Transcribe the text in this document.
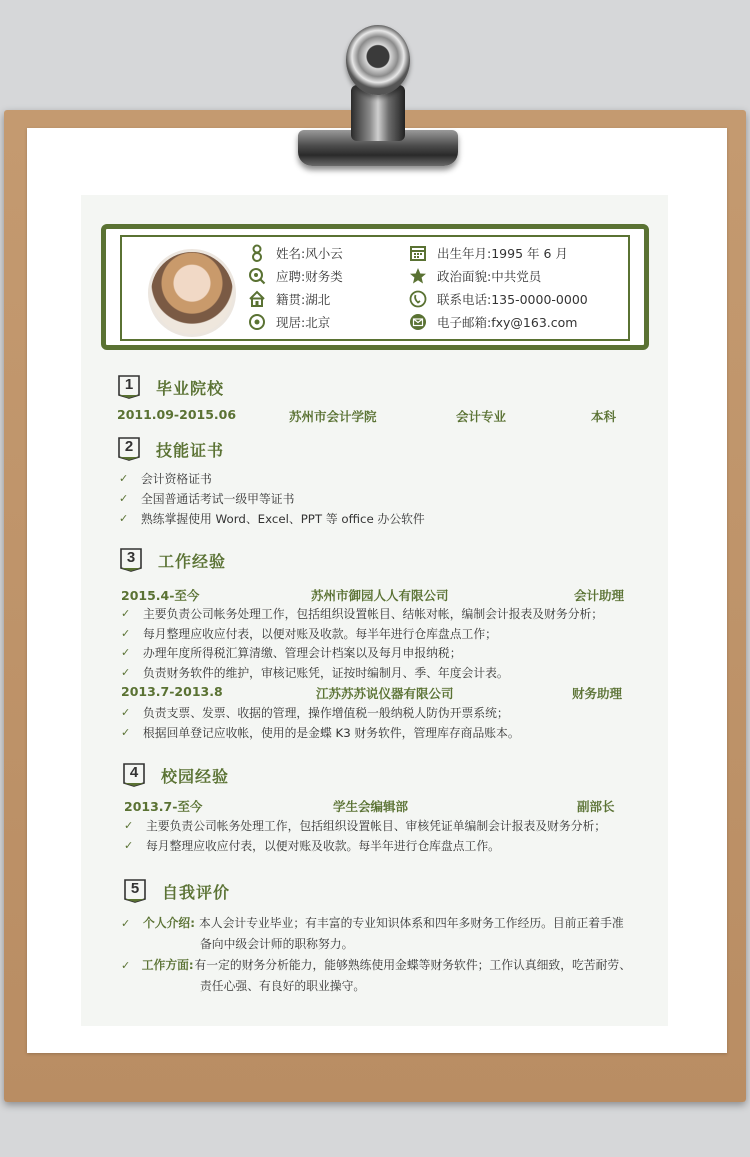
姓名: 风小云
应聘: 财务类
籍贯: 湖北
现居: 北京
出生年月: 1995 年 6 月
政治面貌: 中共党员
联系电话: 135-0000-0000
电子邮箱: fxy@163.com
1	毕业院校
2011.09-2015.06	苏州市会计学院	会计专业	本科
2	技能证书
✓ 会计资格证书
✓ 全国普通话考试一级甲等证书
✓ 熟练掌握使用 Word、Excel、PPT 等 office 办公软件
3	工作经验
2015.4-至今	苏州市御园人人有限公司	会计助理
✓ 主要负责公司帐务处理工作，包括组织设置帐目、结帐对帐，编制会计报表及财务分析；
✓ 每月整理应收应付表，以便对账及收款。每半年进行仓库盘点工作；
✓ 办理年度所得税汇算清缴、管理会计档案以及每月申报纳税；
✓ 负责财务软件的维护，审核记账凭，证按时编制月、季、年度会计表。
2013.7-2013.8	江苏苏苏说仪器有限公司	财务助理
✓ 负责支票、发票、收据的管理，操作增值税一般纳税人防伪开票系统；
✓ 根据回单登记应收帐，使用的是金蝶 K3 财务软件，管理库存商品账本。
4	校园经验
2013.7-至今	学生会编辑部	副部长
✓ 主要负责公司帐务处理工作，包括组织设置帐目、审核凭证单编制会计报表及财务分析；
✓ 每月整理应收应付表，以便对账及收款。每半年进行仓库盘点工作。
5	自我评价
✓	个人介绍: 本人会计专业毕业；有丰富的专业知识体系和四年多财务工作经历。目前正着手准
备向中级会计师的职称努力。
✓ 工作方面: 有一定的财务分析能力，能够熟练使用金蝶等财务软件；工作认真细致，吃苦耐劳、
责任心强、有良好的职业操守。
